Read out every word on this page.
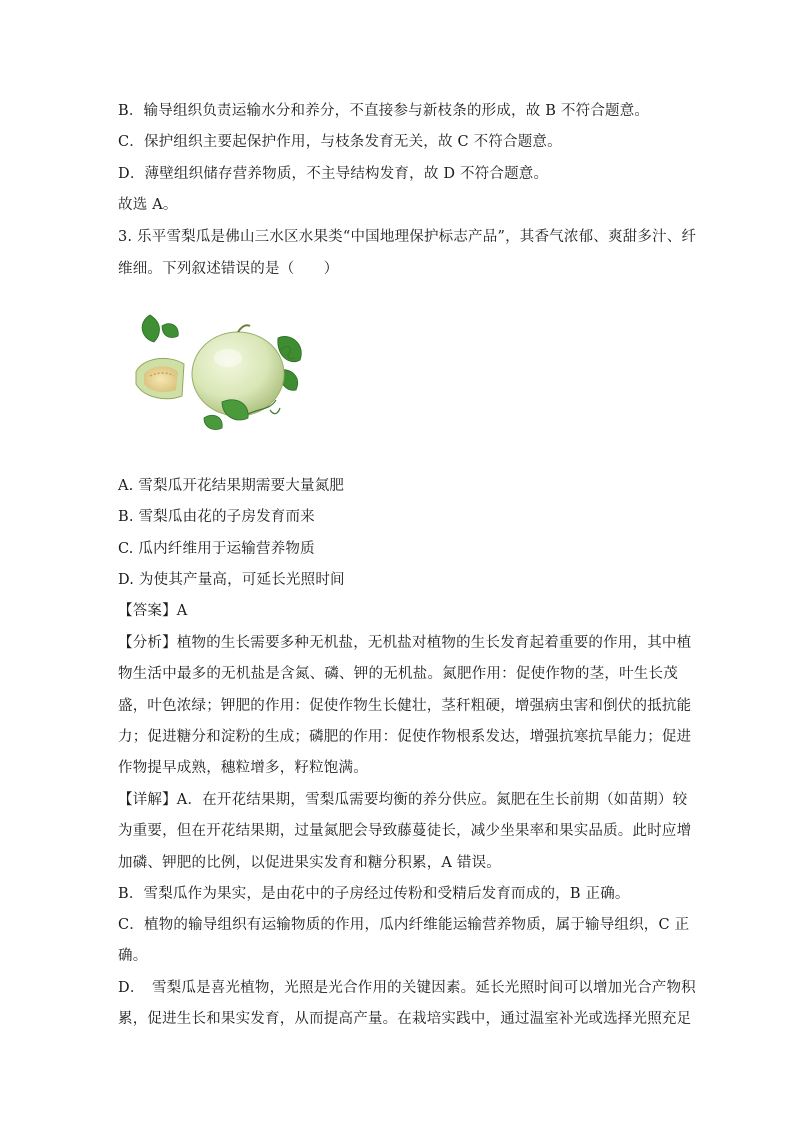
B．输导组织负责运输水分和养分，不直接参与新枝条的形成，故 B 不符合题意。
C．保护组织主要起保护作用，与枝条发育无关，故 C 不符合题意。
D．薄壁组织储存营养物质，不主导结构发育，故 D 不符合题意。
故选 A。
3. 乐平雪梨瓜是佛山三水区水果类“中国地理保护标志产品”，其香气浓郁、爽甜多汁、纤
维细。下列叙述错误的是（　　）
A. 雪梨瓜开花结果期需要大量氮肥
B. 雪梨瓜由花的子房发育而来
C. 瓜内纤维用于运输营养物质
D. 为使其产量高，可延长光照时间
【答案】A
【分析】植物的生长需要多种无机盐，无机盐对植物的生长发育起着重要的作用，其中植
物生活中最多的无机盐是含氮、磷、钾的无机盐。氮肥作用：促使作物的茎，叶生长茂
盛，叶色浓绿；钾肥的作用：促使作物生长健壮，茎秆粗硬，增强病虫害和倒伏的抵抗能
力；促进糖分和淀粉的生成；磷肥的作用：促使作物根系发达，增强抗寒抗旱能力；促进
作物提早成熟，穗粒增多，籽粒饱满。
【详解】A．在开花结果期，雪梨瓜需要均衡的养分供应。氮肥在生长前期（如苗期）较
为重要，但在开花结果期，过量氮肥会导致藤蔓徒长，减少坐果率和果实品质。此时应增
加磷、钾肥的比例，以促进果实发育和糖分积累，A 错误。
B．雪梨瓜作为果实，是由花中的子房经过传粉和受精后发育而成的，B 正确。
C．植物的输导组织有运输物质的作用，瓜内纤维能运输营养物质，属于输导组织，C 正
确。
D．　雪梨瓜是喜光植物，光照是光合作用的关键因素。延长光照时间可以增加光合产物积
累，促进生长和果实发育，从而提高产量。在栽培实践中，通过温室补光或选择光照充足
